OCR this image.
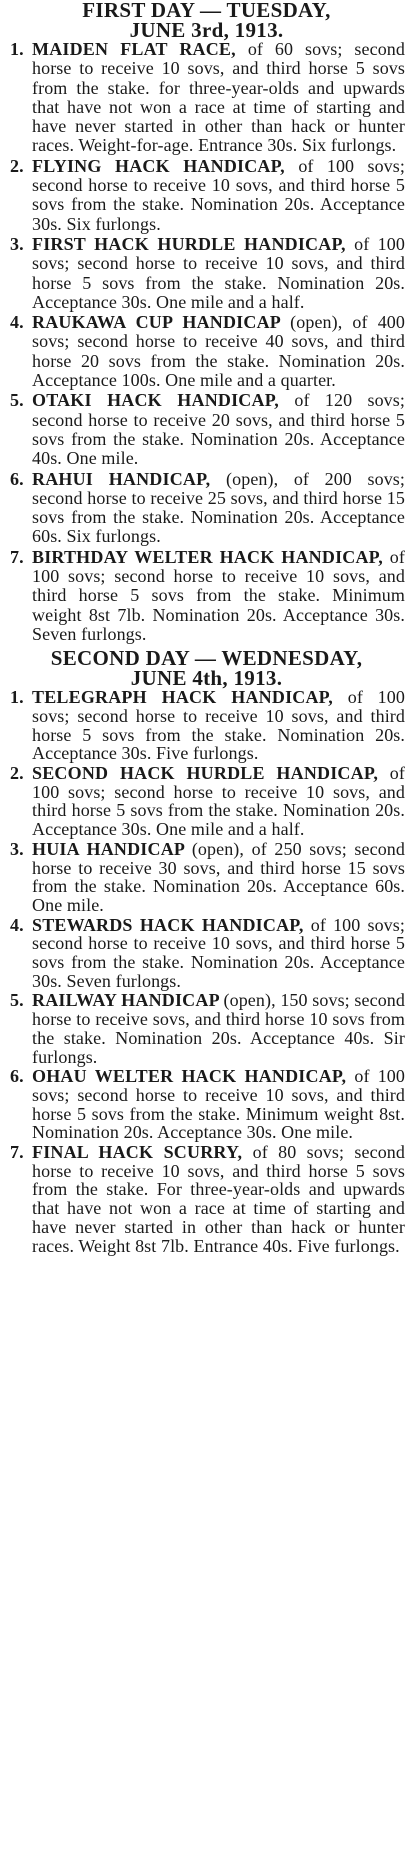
FIRST DAY — TUESDAY,
JUNE 3rd, 1913.

1. MAIDEN FLAT RACE, of 60 sovs; second horse to receive 10 sovs, and third horse 5 sovs from the stake. for three-year-olds and upwards that have not won a race at time of starting and have never started in other than hack or hunter races. Weight-for-age. Entrance 30s. Six furlongs.

2. FLYING HACK HANDICAP, of 100 sovs; second horse to receive 10 sovs, and third horse 5 sovs from the stake. Nomination 20s. Acceptance 30s. Six furlongs.

3. FIRST HACK HURDLE HANDICAP, of 100 sovs; second horse to receive 10 sovs, and third horse 5 sovs from the stake. Nomination 20s. Acceptance 30s. One mile and a half.

4. RAUKAWA CUP HANDICAP (open), of 400 sovs; second horse to receive 40 sovs, and third horse 20 sovs from the stake. Nomination 20s. Acceptance 100s. One mile and a quarter.

5. OTAKI HACK HANDICAP, of 120 sovs; second horse to receive 20 sovs, and third horse 5 sovs from the stake. Nomination 20s. Acceptance 40s. One mile.

6. RAHUI HANDICAP, (open), of 200 sovs; second horse to receive 25 sovs, and third horse 15 sovs from the stake. Nomination 20s. Acceptance 60s. Six furlongs.

7. BIRTHDAY WELTER HACK HANDICAP, of 100 sovs; second horse to receive 10 sovs, and third horse 5 sovs from the stake. Minimum weight 8st 7lb. Nomination 20s. Acceptance 30s. Seven furlongs.

SECOND DAY — WEDNESDAY,
JUNE 4th, 1913.

1. TELEGRAPH HACK HANDICAP, of 100 sovs; second horse to receive 10 sovs, and third horse 5 sovs from the stake. Nomination 20s. Acceptance 30s. Five furlongs.

2. SECOND HACK HURDLE HANDICAP, of 100 sovs; second horse to receive 10 sovs, and third horse 5 sovs from the stake. Nomination 20s. Acceptance 30s. One mile and a half.

3. HUIA HANDICAP (open), of 250 sovs; second horse to receive 30 sovs, and third horse 15 sovs from the stake. Nomination 20s. Acceptance 60s. One mile.

4. STEWARDS HACK HANDICAP, of 100 sovs; second horse to receive 10 sovs, and third horse 5 sovs from the stake. Nomination 20s. Acceptance 30s. Seven furlongs.

5. RAILWAY HANDICAP (open), 150 sovs; second horse to receive sovs, and third horse 10 sovs from the stake. Nomination 20s. Acceptance 40s. Sir furlongs.

6. OHAU WELTER HACK HANDICAP, of 100 sovs; second horse to receive 10 sovs, and third horse 5 sovs from the stake. Minimum weight 8st. Nomination 20s. Acceptance 30s. One mile.

7. FINAL HACK SCURRY, of 80 sovs; second horse to receive 10 sovs, and third horse 5 sovs from the stake. For three-year-olds and upwards that have not won a race at time of starting and have never started in other than hack or hunter races. Weight 8st 7lb. Entrance 40s. Five furlongs.
